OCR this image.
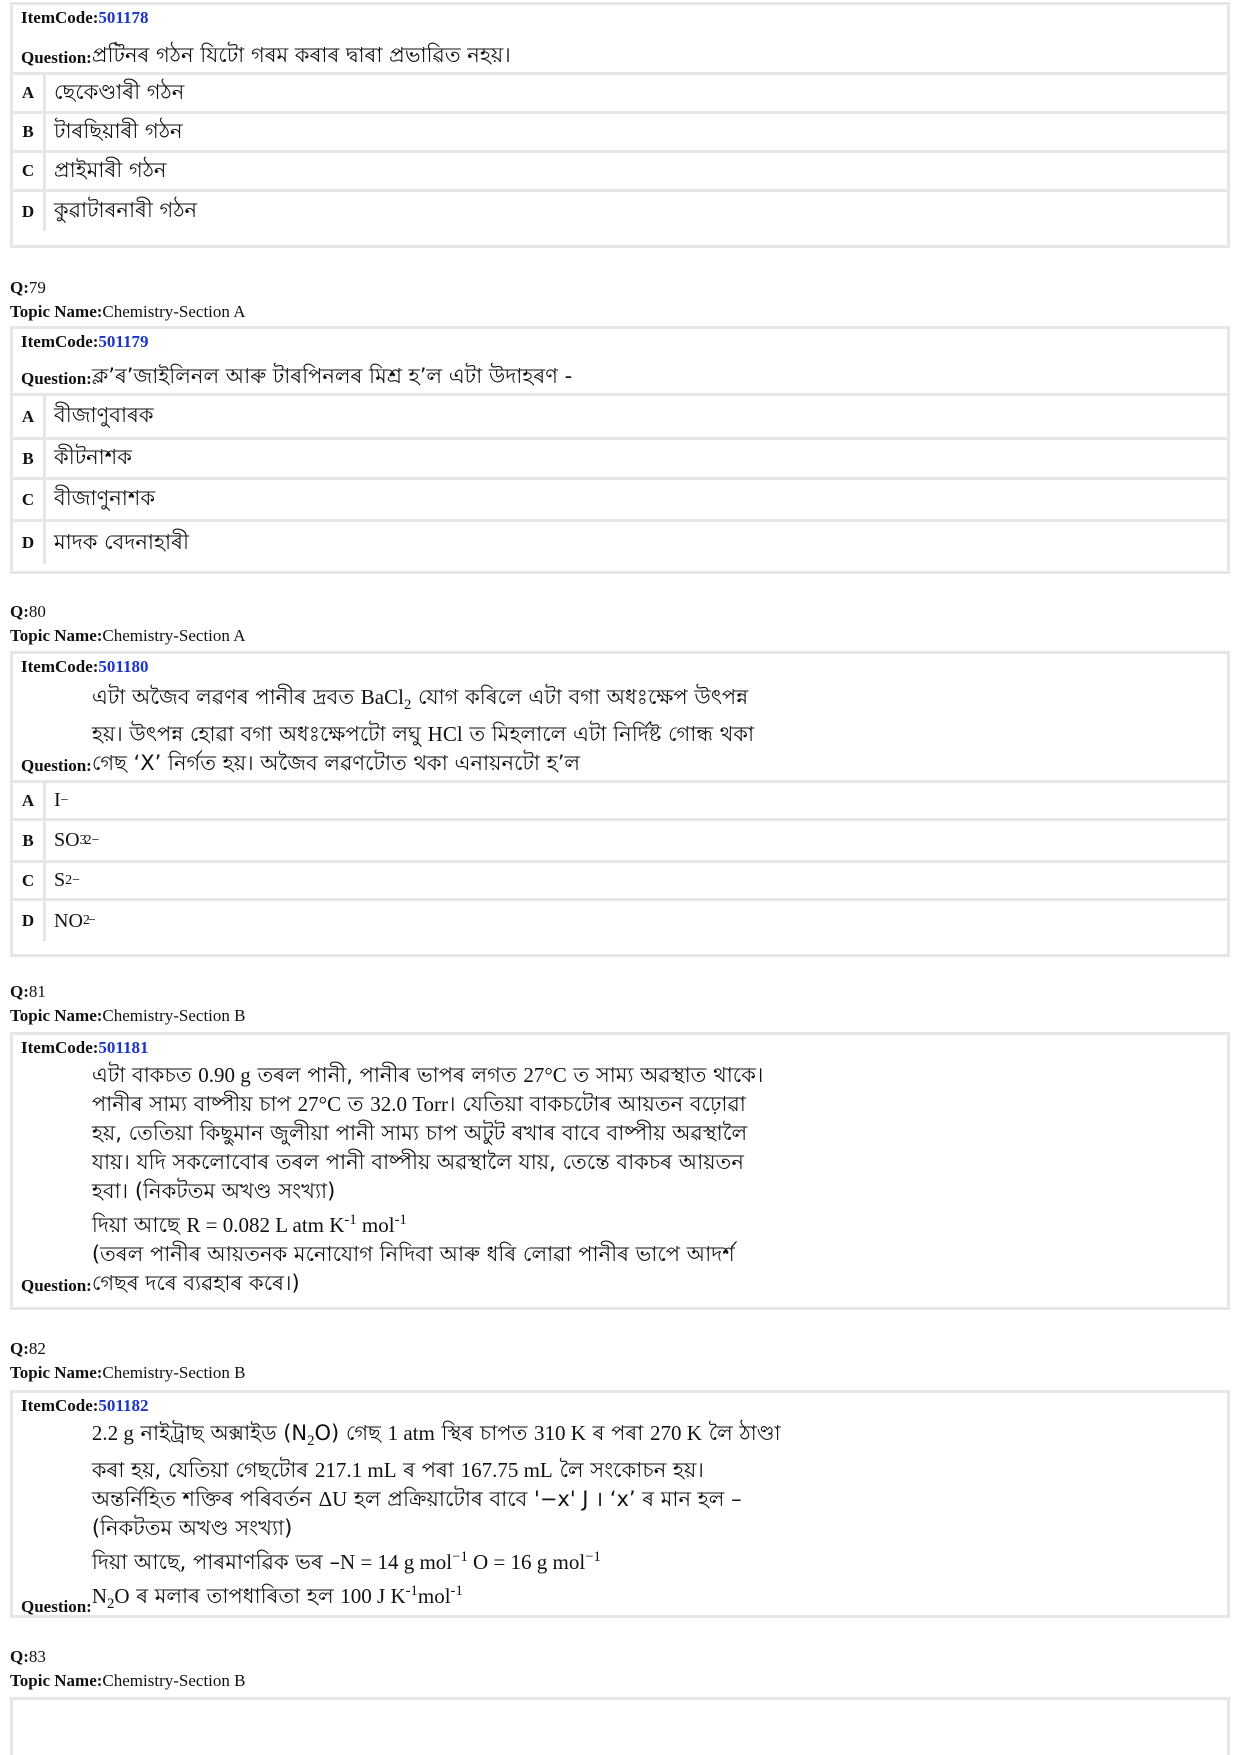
ItemCode:501178
Question: প্ৰটিনৰ গঠন যিটো গৰম কৰাৰ দ্বাৰা প্ৰভাৱিত নহয়।
A ছেকেণ্ডাৰী গঠন
B টাৰছিয়াৰী গঠন
C প্ৰাইমাৰী গঠন
D কুৱাটাৰনাৰী গঠন
Q:79
Topic Name:Chemistry-Section A
ItemCode:501179
Question: ক্ল’ৰ’জাইলিনল আৰু টাৰপিনলৰ মিশ্ৰ হ’ল এটা উদাহৰণ -
A বীজাণুবাৰক
B কীটনাশক
C বীজাণুনাশক
D মাদক বেদনাহাৰী
Q:80
Topic Name:Chemistry-Section A
ItemCode:501180
Question:
এটা অজৈব লৱণৰ পানীৰ দ্ৰবত BaCl$_2$ যোগ কৰিলে এটা বগা অধঃক্ষেপ উৎপন্ন
হয়। উৎপন্ন হোৱা বগা অধঃক্ষেপটো লঘু HCl ত মিহলালে এটা নিৰ্দিষ্ট গোন্ধ থকা
গেছ ‘X’ নিৰ্গত হয়। অজৈব লৱণটোত থকা এনায়নটো হ’ল
A I −
B	SO 3
2−
C S 2−
D NO 2
−
Q:81
Topic Name:Chemistry-Section B
ItemCode:501181
Question:
এটা বাকচত 0.90 g তৰল পানী, পানীৰ ভাপৰ লগত 27°C ত সাম্য অৱস্থাত থাকে।
পানীৰ সাম্য বাষ্পীয় চাপ 27°C ত 32.0 Torr। যেতিয়া বাকচটোৰ আয়তন বঢ়োৱা
হয়, তেতিয়া কিছুমান জুলীয়া পানী সাম্য চাপ অটুট ৰখাৰ বাবে বাষ্পীয় অৱস্থালৈ
যায়। যদি সকলোবোৰ তৰল পানী বাষ্পীয় অৱস্থালৈ যায়, তেন্তে বাকচৰ আয়তন
হবা। (নিকটতম অখণ্ড সংখ্যা)
দিয়া আছে R = 0.082 L atm $K^{-1}$ mol$^{-1}$
(তৰল পানীৰ আয়তনক মনোযোগ নিদিবা আৰু ধৰি লোৱা পানীৰ ভাপে আদৰ্শ
গেছৰ দৰে ব্যৱহাৰ কৰে।)
Q:82
Topic Name:Chemistry-Section B
ItemCode:501182
Question:
2.2 g নাইট্ৰাছ অক্সাইড $(N_2O)$ গেছ 1 atm স্থিৰ চাপত 310 K ৰ পৰা 270 K লৈ ঠাণ্ডা
কৰা হয়, যেতিয়া গেছটোৰ 217.1 mL ৰ পৰা 167.75 mL লৈ সংকোচন হয়।
অন্তৰ্নিহিত শক্তিৰ পৰিবৰ্তন ΔU হল প্ৰক্ৰিয়াটোৰ বাবে '−x' J । ‘x’ ৰ মান হল –
(নিকটতম অখণ্ড সংখ্যা)
দিয়া আছে, পাৰমাণৱিক ভৰ –N = 14 g mol$^{-1}$ O = 16 g mol$^{-1}$
$N_2O$ ৰ মলাৰ তাপধাৰিতা হল 100 J $K^{-1}mol^{-1}$
Q:83
Topic Name:Chemistry-Section B
